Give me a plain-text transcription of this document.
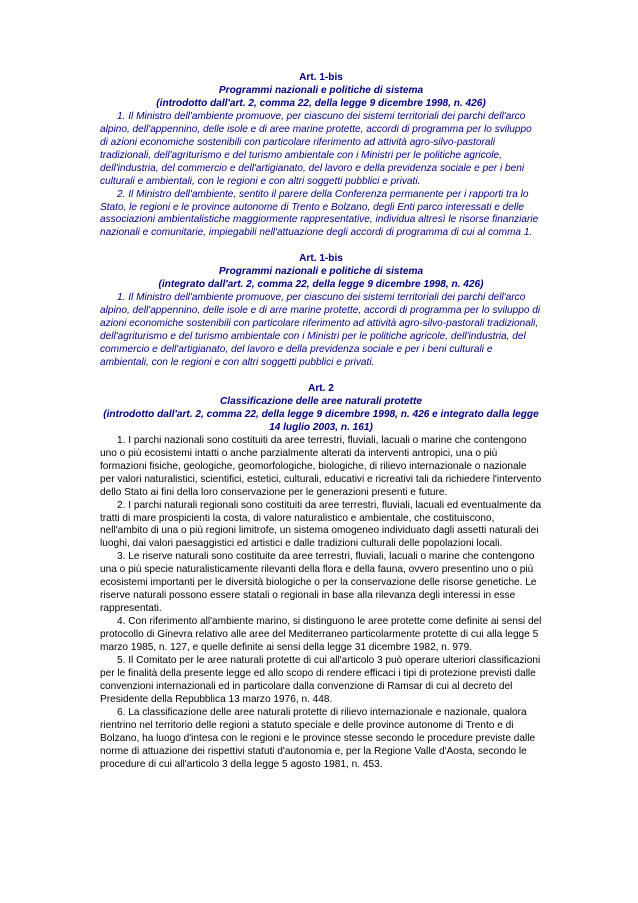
Art. 1-bis
Programmi nazionali e politiche di sistema
(introdotto dall'art. 2, comma 22, della legge 9 dicembre 1998, n. 426)

1. Il Ministro dell'ambiente promuove, per ciascuno dei sistemi territoriali dei parchi dell'arco alpino, dell'appennino, delle isole e di aree marine protette, accordi di programma per lo sviluppo di azioni economiche sostenibili con particolare riferimento ad attività agro-silvo-pastorali tradizionali, dell'agriturismo e del turismo ambientale con i Ministri per le politiche agricole, dell'industria, del commercio e dell'artigianato, del lavoro e della previdenza sociale e per i beni culturali e ambientali, con le regioni e con altri soggetti pubblici e privati.

2. Il Ministro dell'ambiente, sentito il parere della Conferenza permanente per i rapporti tra lo Stato, le regioni e le province autonome di Trento e Bolzano, degli Enti parco interessati e delle associazioni ambientalistiche maggiormente rappresentative, individua altresì le risorse finanziarie nazionali e comunitarie, impiegabili nell'attuazione degli accordi di programma di cui al comma 1.

Art. 1-bis
Programmi nazionali e politiche di sistema
(integrato dall'art. 2, comma 22, della legge 9 dicembre 1998, n. 426)

1. Il Ministro dell'ambiente promuove, per ciascuno dei sistemi territoriali dei parchi dell'arco alpino, dell'appennino, delle isole e di arre marine protette, accordi di programma per lo sviluppo di azioni economiche sostenibili con particolare riferimento ad attività agro-silvo-pastorali tradizionali, dell'agriturismo e del turismo ambientale con i Ministri per le politiche agricole, dell'industria, del commercio e dell'artigianato, del lavoro e della previdenza sociale e per i beni culturali e ambientali, con le regioni e con altri soggetti pubblici e privati.

Art. 2
Classificazione delle aree naturali protette
(introdotto dall'art. 2, comma 22, della legge 9 dicembre 1998, n. 426 e integrato dalla legge 14 luglio 2003, n. 161)

1. I parchi nazionali sono costituiti da aree terrestri, fluviali, lacuali o marine che contengono uno o più ecosistemi intatti o anche parzialmente alterati da interventi antropici, una o più formazioni fisiche, geologiche, geomorfologiche, biologiche, di rilievo internazionale o nazionale per valori naturalistici, scientifici, estetici, culturali, educativi e ricreativi tali da richiedere l'intervento dello Stato ai fini della loro conservazione per le generazioni presenti e future.

2. I parchi naturali regionali sono costituiti da aree terrestri, fluviali, lacuali ed eventualmente da tratti di mare prospicienti la costa, di valore naturalistico e ambientale, che costituiscono, nell'ambito di una o più regioni limitrofe, un sistema omogeneo individuato dagli assetti naturali dei luoghi, dai valori paesaggistici ed artistici e dalle tradizioni culturali delle popolazioni locali.

3. Le riserve naturali sono costituite da aree terrestri, fluviali, lacuali o marine che contengono una o più specie naturalisticamente rilevanti della flora e della fauna, ovvero presentino uno o più ecosistemi importanti per le diversità biologiche o per la conservazione delle risorse genetiche. Le riserve naturali possono essere statali o regionali in base alla rilevanza degli interessi in esse rappresentati.

4. Con riferimento all'ambiente marino, si distinguono le aree protette come definite ai sensi del protocollo di Ginevra relativo alle aree del Mediterraneo particolarmente protette di cui alla legge 5 marzo 1985, n. 127, e quelle definite ai sensi della legge 31 dicembre 1982, n. 979.

5. Il Comitato per le aree naturali protette di cui all'articolo 3 può operare ulteriori classificazioni per le finalità della presente legge ed allo scopo di rendere efficaci i tipi di protezione previsti dalle convenzioni internazionali ed in particolare dalla convenzione di Ramsar di cui al decreto del Presidente della Repubblica 13 marzo 1976, n. 448.

6. La classificazione delle aree naturali protette di rilievo internazionale e nazionale, qualora rientrino nel territorio delle regioni a statuto speciale e delle province autonome di Trento e di Bolzano, ha luogo d'intesa con le regioni e le province stesse secondo le procedure previste dalle norme di attuazione dei rispettivi statuti d'autonomia e, per la Regione Valle d'Aosta, secondo le procedure di cui all'articolo 3 della legge 5 agosto 1981, n. 453.
